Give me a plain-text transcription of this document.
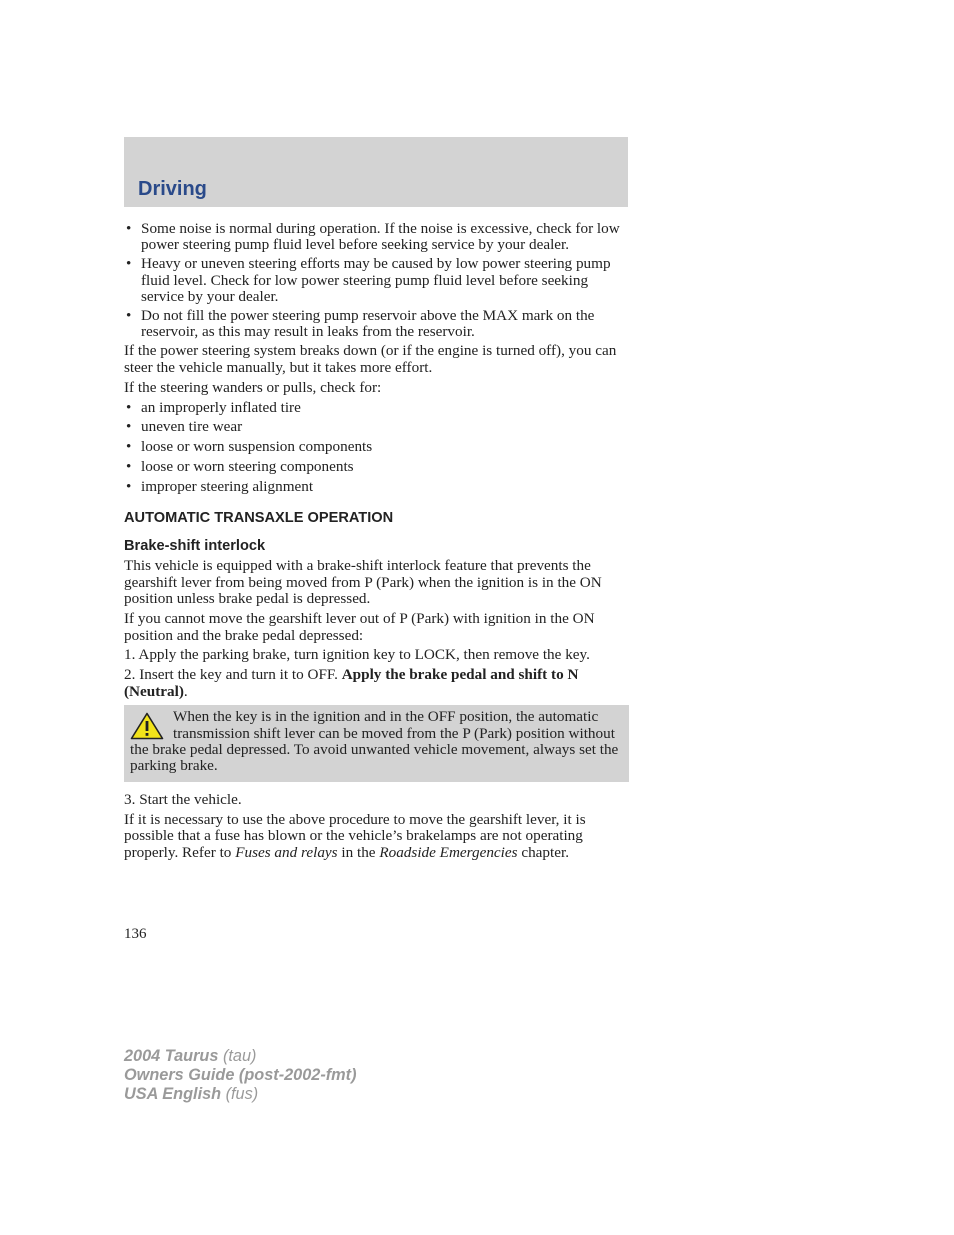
Driving
• Some noise is normal during operation. If the noise is excessive, check for low power steering pump fluid level before seeking service by your dealer.
• Heavy or uneven steering efforts may be caused by low power steering pump fluid level. Check for low power steering pump fluid level before seeking service by your dealer.
• Do not fill the power steering pump reservoir above the MAX mark on the reservoir, as this may result in leaks from the reservoir.

If the power steering system breaks down (or if the engine is turned off), you can steer the vehicle manually, but it takes more effort.

If the steering wanders or pulls, check for:

• an improperly inflated tire
• uneven tire wear
• loose or worn suspension components
• loose or worn steering components
• improper steering alignment
AUTOMATIC TRANSAXLE OPERATION
Brake-shift interlock

This vehicle is equipped with a brake-shift interlock feature that prevents the gearshift lever from being moved from P (Park) when the ignition is in the ON position unless brake pedal is depressed.

If you cannot move the gearshift lever out of P (Park) with ignition in the ON position and the brake pedal depressed:

1. Apply the parking brake, turn ignition key to LOCK, then remove the key.

2. Insert the key and turn it to OFF. Apply the brake pedal and shift to N (Neutral).

When the key is in the ignition and in the OFF position, the automatic transmission shift lever can be moved from the P (Park) position without the brake pedal depressed. To avoid unwanted vehicle movement, always set the parking brake.

3. Start the vehicle.

If it is necessary to use the above procedure to move the gearshift lever, it is possible that a fuse has blown or the vehicle’s brakelamps are not operating properly. Refer to Fuses and relays in the Roadside Emergencies chapter.

136
2004 Taurus (tau)
Owners Guide (post-2002-fmt)
USA English (fus)
